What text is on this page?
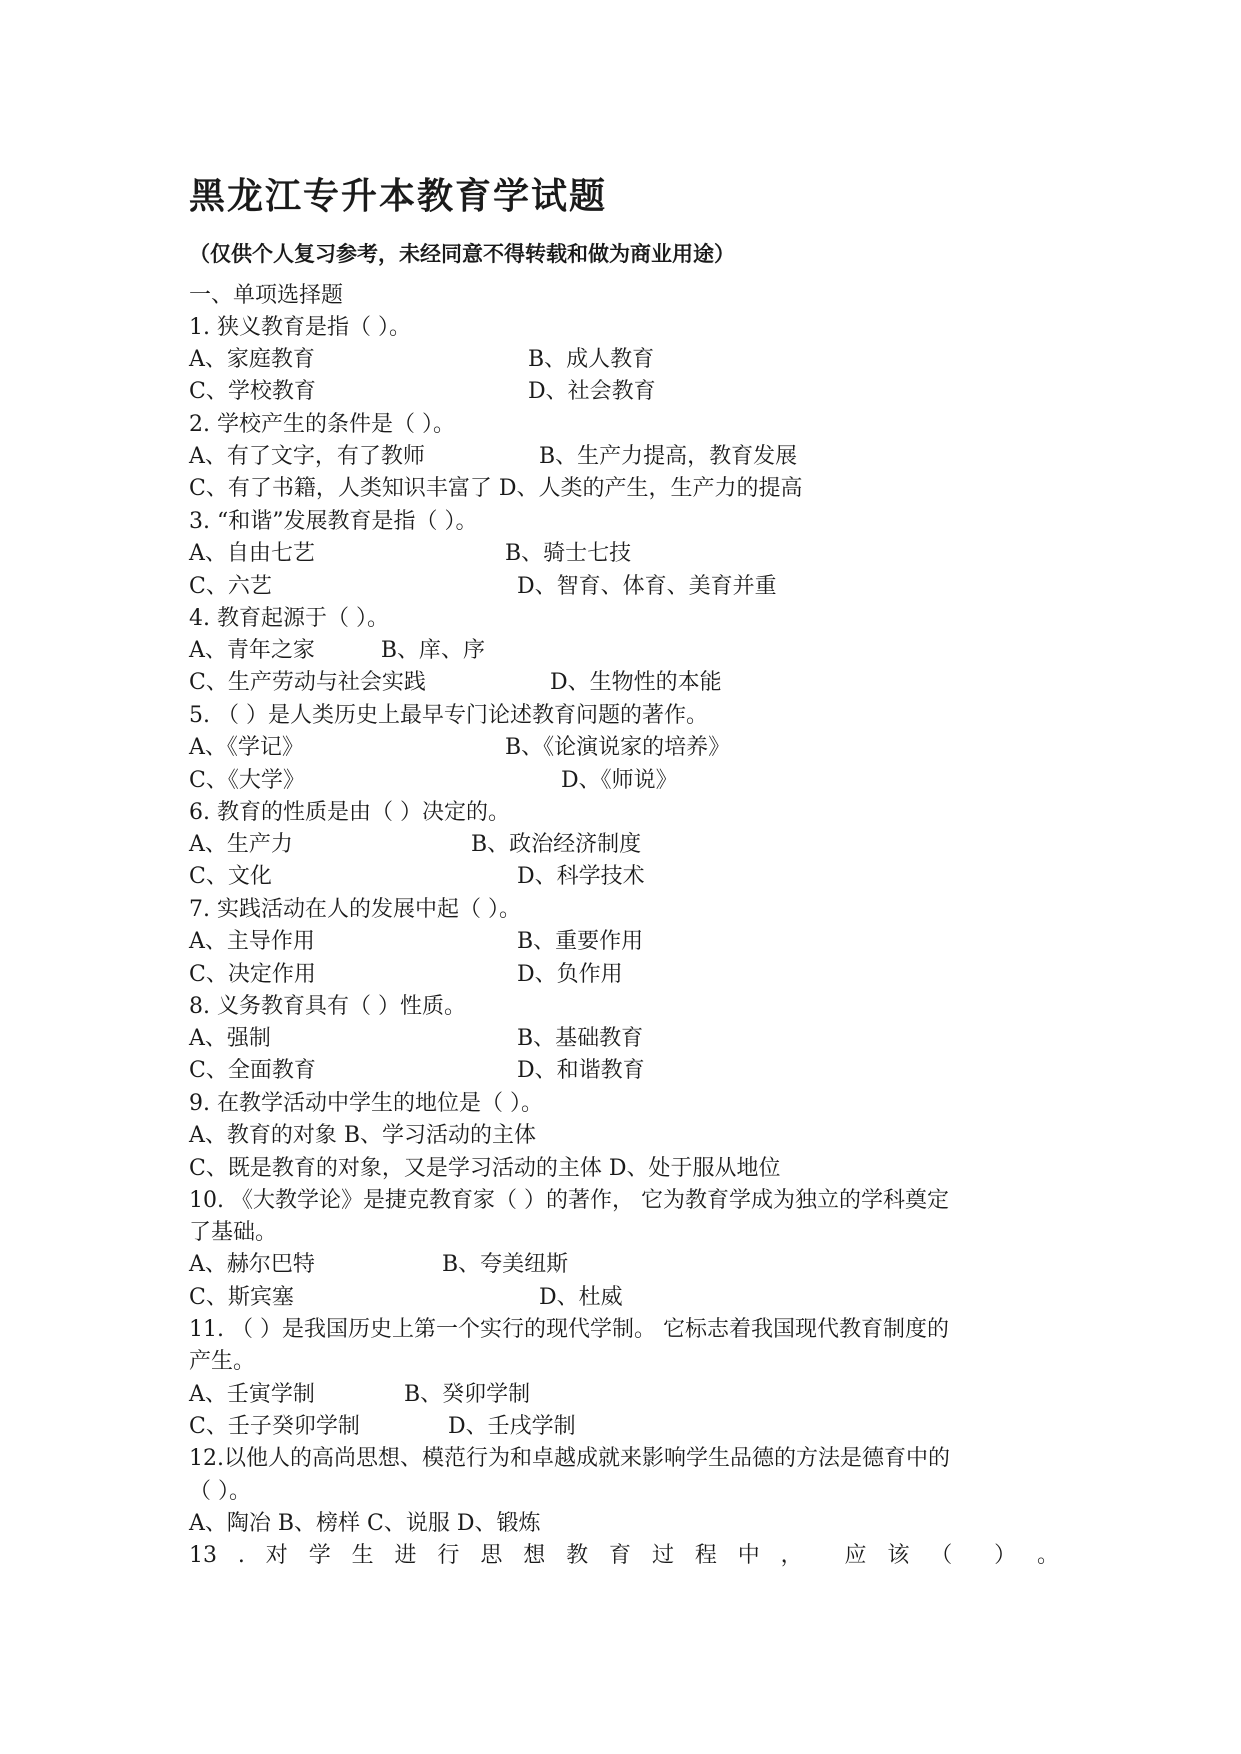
黑龙江专升本教育学试题
（仅供个人复习参考，未经同意不得转载和做为商业用途）
一、单项选择题
1. 狭义教育是指（ ）。
A、家庭教育	B、成人教育
C、学校教育	D、社会教育
2. 学校产生的条件是（ ）。
A、有了文字，有了教师	B、生产力提高，教育发展
C、有了书籍，人类知识丰富了 D、人类的产生，生产力的提高
3. “和谐”发展教育是指（ ）。
A、自由七艺	B、骑士七技
C、六艺	D、智育、体育、美育并重
4. 教育起源于（ ）。
A、青年之家　　　B、庠、序
C、生产劳动与社会实践	D、生物性的本能
5. （ ）是人类历史上最早专门论述教育问题的著作。
A、《学记》	B、《论演说家的培养》
C、《大学》	D、《师说》
6. 教育的性质是由（ ）决定的。
A、生产力	B、政治经济制度
C、文化	D、科学技术
7. 实践活动在人的发展中起（ ）。
A、主导作用	B、重要作用
C、决定作用	D、负作用
8. 义务教育具有（ ）性质。
A、强制	B、基础教育
C、全面教育	D、和谐教育
9. 在教学活动中学生的地位是（ ）。
A、教育的对象 B、学习活动的主体
C、既是教育的对象，又是学习活动的主体 D、处于服从地位
10. 《大教学论》是捷克教育家（ ）的著作， 它为教育学成为独立的学科奠定
了基础。
A、赫尔巴特	B、夸美纽斯
C、斯宾塞	D、杜威
11. （ ）是我国历史上第一个实行的现代学制。 它标志着我国现代教育制度的
产生。
A、壬寅学制	B、癸卯学制
C、壬子癸卯学制	D、壬戌学制
12.以他人的高尚思想、模范行为和卓越成就来影响学生品德的方法是德育中的
（ ）。
A、陶冶 B、榜样 C、说服 D、锻炼
13 . 对 学 生 进 行 思 想 教 育 过 程 中 ， 应 该 （ ） 。
